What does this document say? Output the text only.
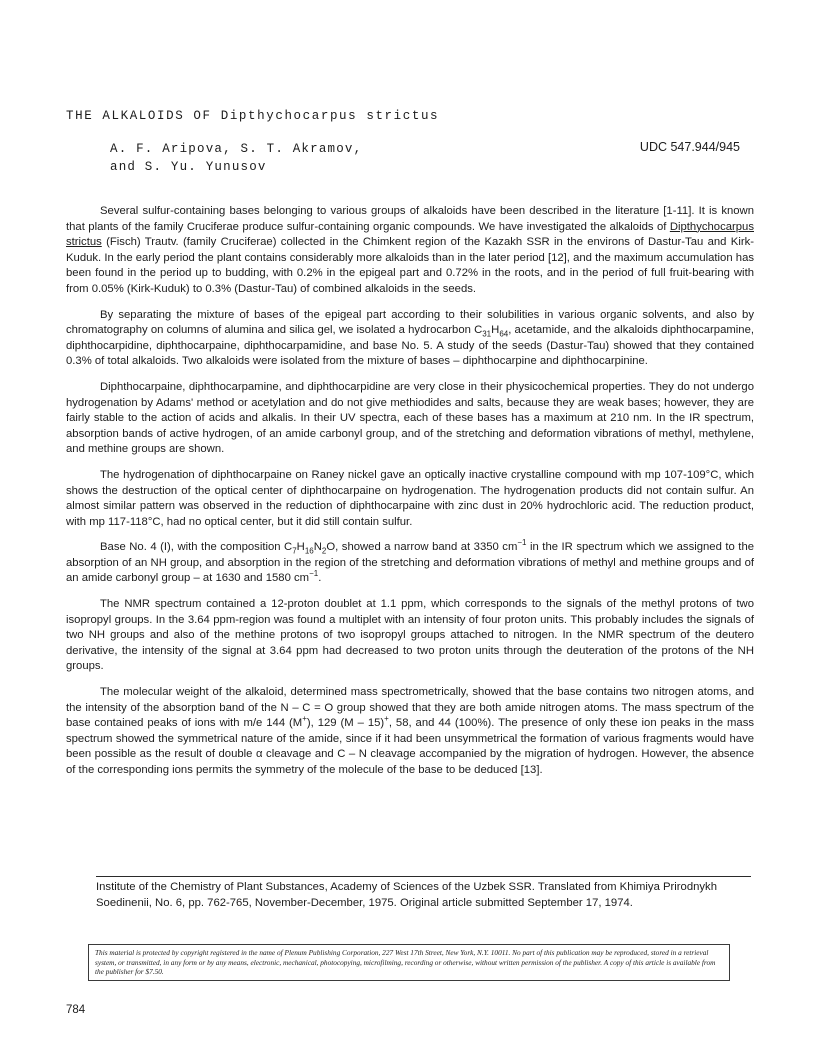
THE ALKALOIDS OF Dipthychocarpus strictus
A. F. Aripova, S. T. Akramov,
and S. Yu. Yunusov
UDC 547.944/945

Several sulfur-containing bases belonging to various groups of alkaloids have been described in the literature [1-11]. It is known that plants of the family Cruciferae produce sulfur-containing organic compounds. We have investigated the alkaloids of Dipthychocarpus strictus (Fisch) Trautv. (family Cruciferae) collected in the Chimkent region of the Kazakh SSR in the environs of Dastur-Tau and Kirk-Kuduk. In the early period the plant contains considerably more alkaloids than in the later period [12], and the maximum accumulation has been found in the period up to budding, with 0.2% in the epigeal part and 0.72% in the roots, and in the period of full fruit-bearing with from 0.05% (Kirk-Kuduk) to 0.3% (Dastur-Tau) of combined alkaloids in the seeds.

By separating the mixture of bases of the epigeal part according to their solubilities in various organic solvents, and also by chromatography on columns of alumina and silica gel, we isolated a hydrocarbon $C_{31}H_{64}$, acetamide, and the alkaloids diphthocarpamine, diphthocarpidine, diphthocarpaine, diphthocarpamidine, and base No. 5. A study of the seeds (Dastur-Tau) showed that they contained 0.3% of total alkaloids. Two alkaloids were isolated from the mixture of bases – diphthocarpine and diphthocarpinine.

Diphthocarpaine, diphthocarpamine, and diphthocarpidine are very close in their physicochemical properties. They do not undergo hydrogenation by Adams' method or acetylation and do not give methiodides and salts, because they are weak bases; however, they are fairly stable to the action of acids and alkalis. In their UV spectra, each of these bases has a maximum at 210 nm. In the IR spectrum, absorption bands of active hydrogen, of an amide carbonyl group, and of the stretching and deformation vibrations of methyl, methylene, and methine groups are shown.

The hydrogenation of diphthocarpaine on Raney nickel gave an optically inactive crystalline compound with mp 107-109°C, which shows the destruction of the optical center of diphthocarpaine on hydrogenation. The hydrogenation products did not contain sulfur. An almost similar pattern was observed in the reduction of diphthocarpaine with zinc dust in 20% hydrochloric acid. The reduction product, with mp 117-118°C, had no optical center, but it did still contain sulfur.

Base No. 4 (I), with the composition $C_7H_{16}N_2O$, showed a narrow band at 3350 $cm^{-1}$ in the IR spectrum which we assigned to the absorption of an NH group, and absorption in the region of the stretching and deformation vibrations of methyl and methine groups and of an amide carbonyl group – at 1630 and 1580 $cm^{-1}$.

The NMR spectrum contained a 12-proton doublet at 1.1 ppm, which corresponds to the signals of the methyl protons of two isopropyl groups. In the 3.64 ppm-region was found a multiplet with an intensity of four proton units. This probably includes the signals of two NH groups and also of the methine protons of two isopropyl groups attached to nitrogen. In the NMR spectrum of the deutero derivative, the intensity of the signal at 3.64 ppm had decreased to two proton units through the deuteration of the protons of the NH groups.

The molecular weight of the alkaloid, determined mass spectrometrically, showed that the base contains two nitrogen atoms, and the intensity of the absorption band of the N – C = O group showed that they are both amide nitrogen atoms. The mass spectrum of the base contained peaks of ions with m/e 144 (M+), 129 (M – 15)+, 58, and 44 (100%). The presence of only these ion peaks in the mass spectrum showed the symmetrical nature of the amide, since if it had been unsymmetrical the formation of various fragments would have been possible as the result of double α cleavage and C – N cleavage accompanied by the migration of hydrogen. However, the absence of the corresponding ions permits the symmetry of the molecule of the base to be deduced [13].

Institute of the Chemistry of Plant Substances, Academy of Sciences of the Uzbek SSR. Translated from Khimiya Prirodnykh Soedinenii, No. 6, pp. 762-765, November-December, 1975. Original article submitted September 17, 1974.
This material is protected by copyright registered in the name of Plenum Publishing Corporation, 227 West 17th Street, New York, N.Y. 10011. No part of this publication may be reproduced, stored in a retrieval system, or transmitted, in any form or by any means, electronic, mechanical, photocopying, microfilming, recording or otherwise, without written permission of the publisher. A copy of this article is available from the publisher for $7.50.
784
